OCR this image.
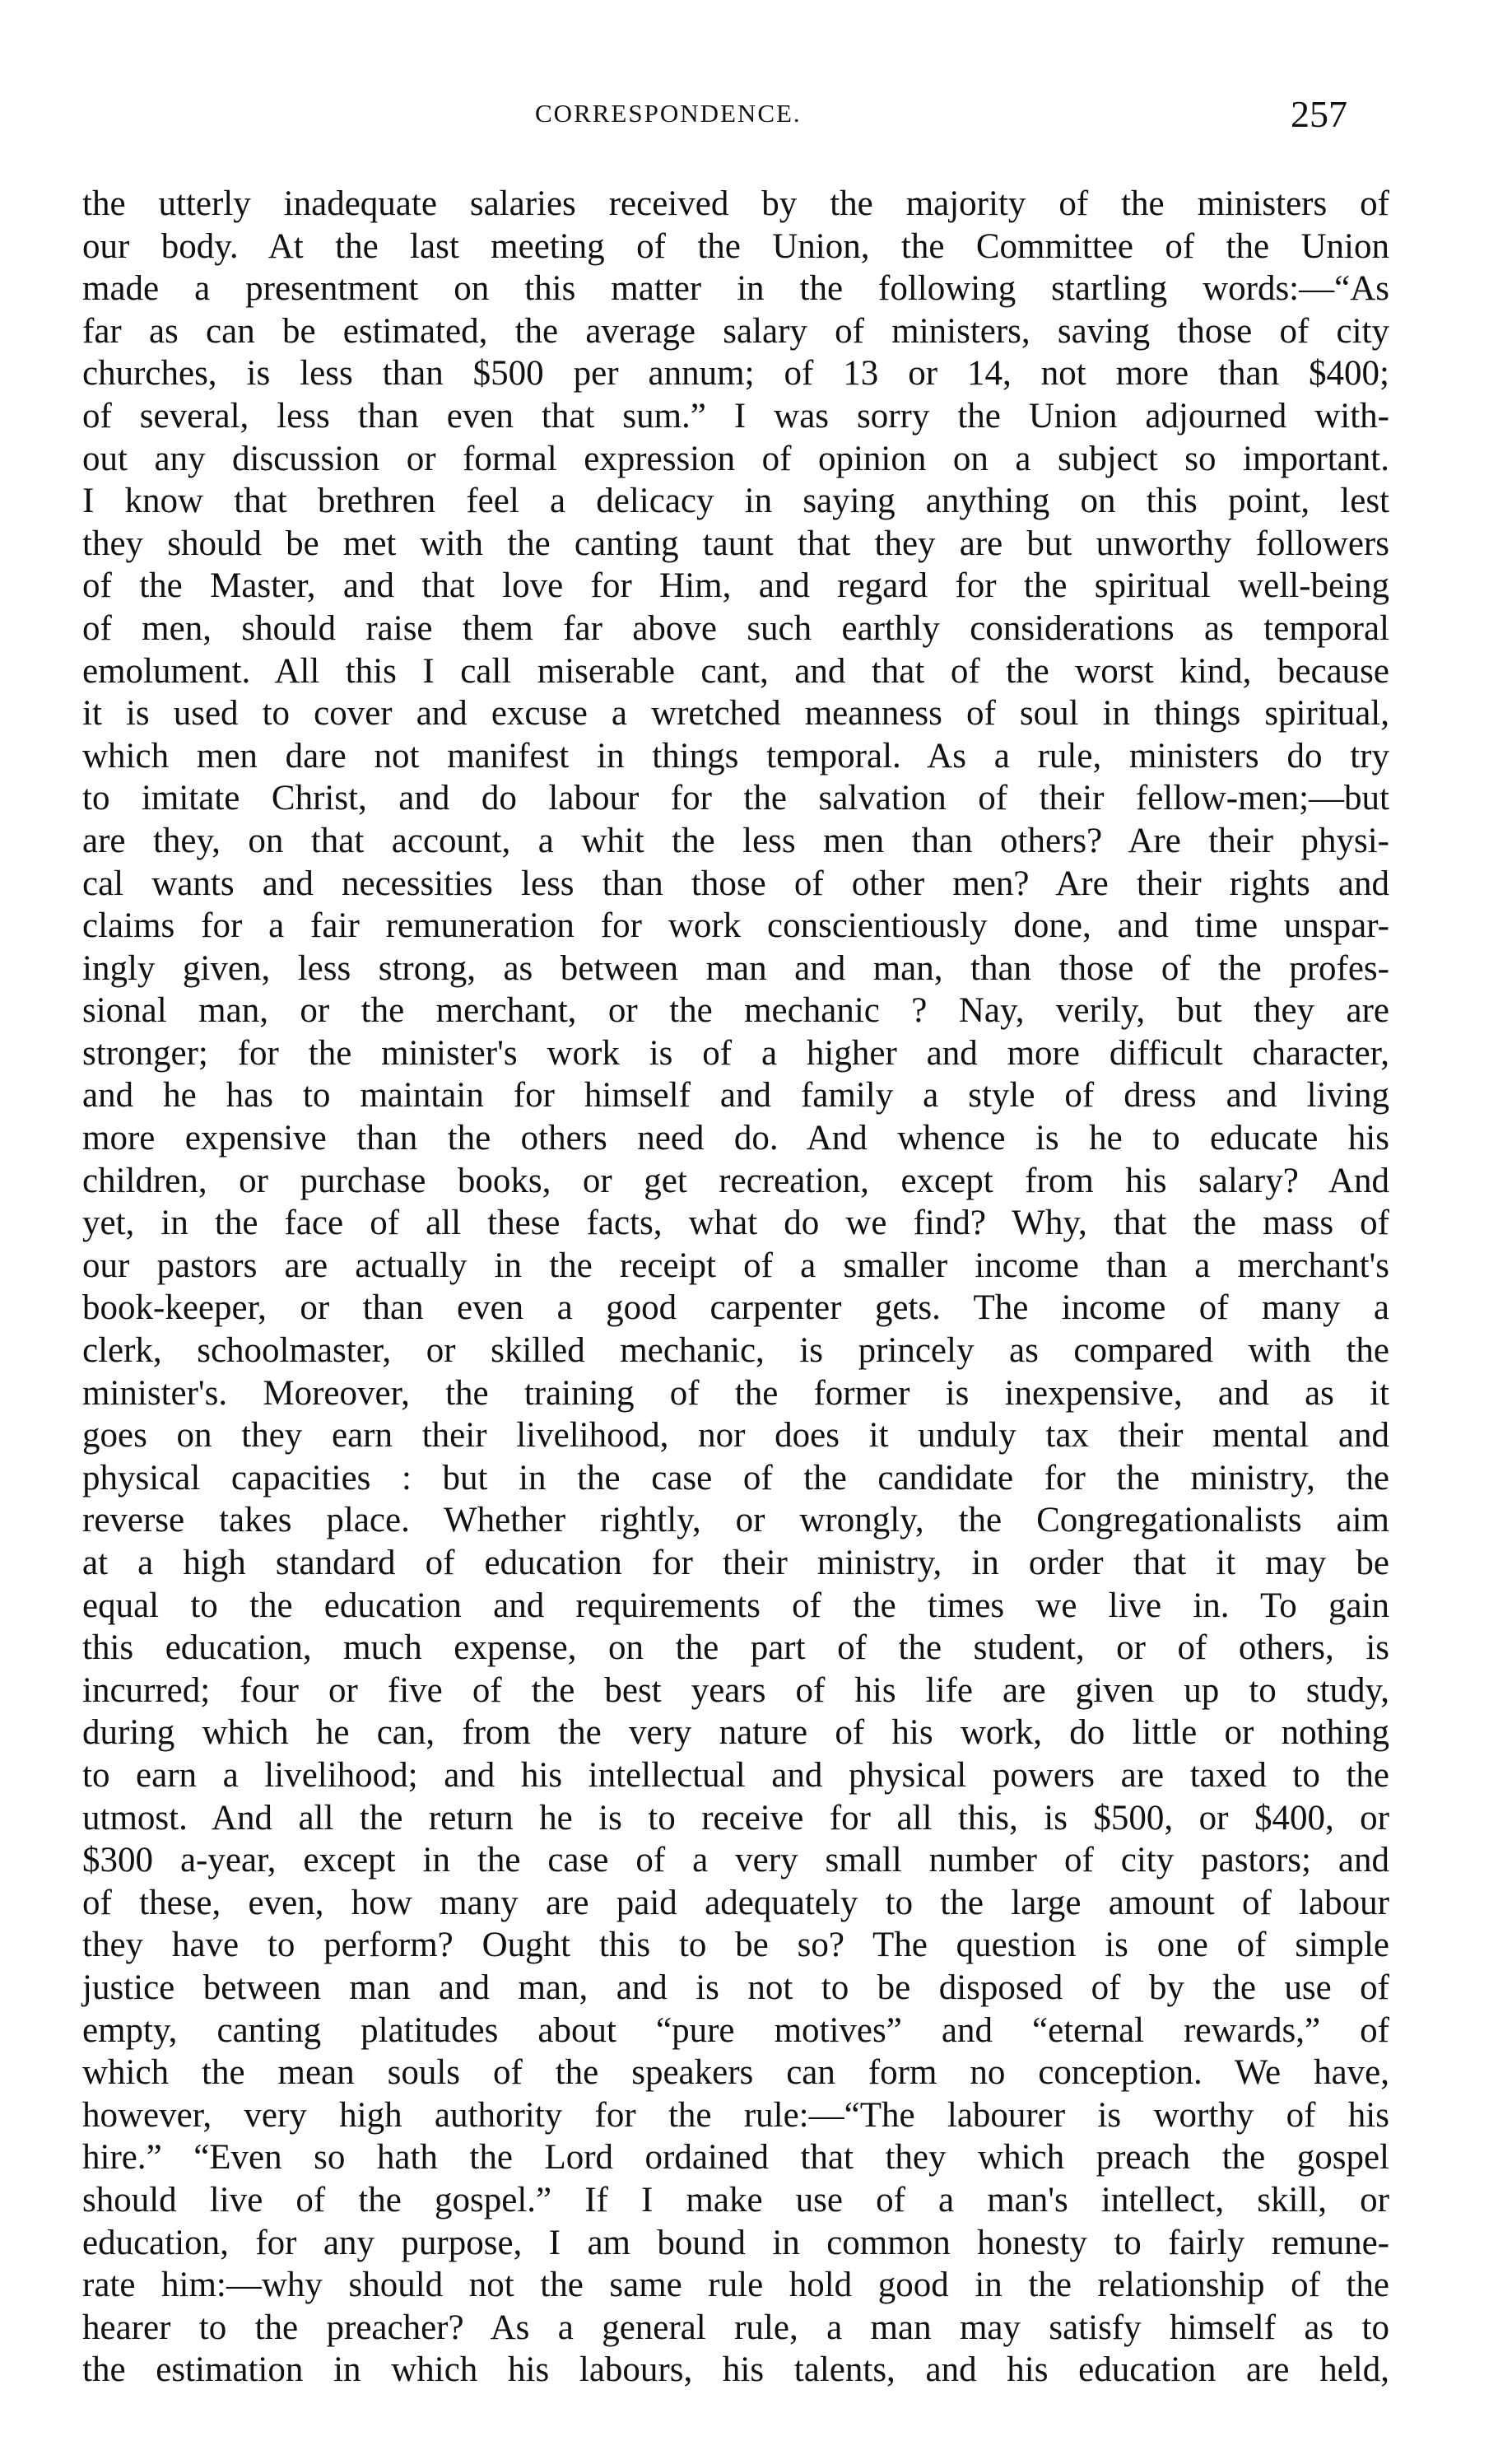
CORRESPONDENCE.	257
the utterly inadequate salaries received by the majority of the ministers of
our body. At the last meeting of the Union, the Committee of the Union
made a presentment on this matter in the following startling words:—“As
far as can be estimated, the average salary of ministers, saving those of city
churches, is less than $500 per annum; of 13 or 14, not more than $400;
of several, less than even that sum.” I was sorry the Union adjourned with-
out any discussion or formal expression of opinion on a subject so important.
I know that brethren feel a delicacy in saying anything on this point, lest
they should be met with the canting taunt that they are but unworthy followers
of the Master, and that love for Him, and regard for the spiritual well-being
of men, should raise them far above such earthly considerations as temporal
emolument. All this I call miserable cant, and that of the worst kind, because
it is used to cover and excuse a wretched meanness of soul in things spiritual,
which men dare not manifest in things temporal. As a rule, ministers do try
to imitate Christ, and do labour for the salvation of their fellow-men;—but
are they, on that account, a whit the less men than others? Are their physi-
cal wants and necessities less than those of other men? Are their rights and
claims for a fair remuneration for work conscientiously done, and time unspar-
ingly given, less strong, as between man and man, than those of the profes-
sional man, or the merchant, or the mechanic ? Nay, verily, but they are
stronger; for the minister's work is of a higher and more difficult character,
and he has to maintain for himself and family a style of dress and living
more expensive than the others need do. And whence is he to educate his
children, or purchase books, or get recreation, except from his salary? And
yet, in the face of all these facts, what do we find? Why, that the mass of
our pastors are actually in the receipt of a smaller income than a merchant's
book-keeper, or than even a good carpenter gets. The income of many a
clerk, schoolmaster, or skilled mechanic, is princely as compared with the
minister's. Moreover, the training of the former is inexpensive, and as it
goes on they earn their livelihood, nor does it unduly tax their mental and
physical capacities : but in the case of the candidate for the ministry, the
reverse takes place. Whether rightly, or wrongly, the Congregationalists aim
at a high standard of education for their ministry, in order that it may be
equal to the education and requirements of the times we live in. To gain
this education, much expense, on the part of the student, or of others, is
incurred; four or five of the best years of his life are given up to study,
during which he can, from the very nature of his work, do little or nothing
to earn a livelihood; and his intellectual and physical powers are taxed to the
utmost. And all the return he is to receive for all this, is $500, or $400, or
$300 a-year, except in the case of a very small number of city pastors; and
of these, even, how many are paid adequately to the large amount of labour
they have to perform? Ought this to be so? The question is one of simple
justice between man and man, and is not to be disposed of by the use of
empty, canting platitudes about “pure motives” and “eternal rewards,” of
which the mean souls of the speakers can form no conception. We have,
however, very high authority for the rule:—“The labourer is worthy of his
hire.” “Even so hath the Lord ordained that they which preach the gospel
should live of the gospel.” If I make use of a man's intellect, skill, or
education, for any purpose, I am bound in common honesty to fairly remune-
rate him:—why should not the same rule hold good in the relationship of the
hearer to the preacher? As a general rule, a man may satisfy himself as to
the estimation in which his labours, his talents, and his education are held,
